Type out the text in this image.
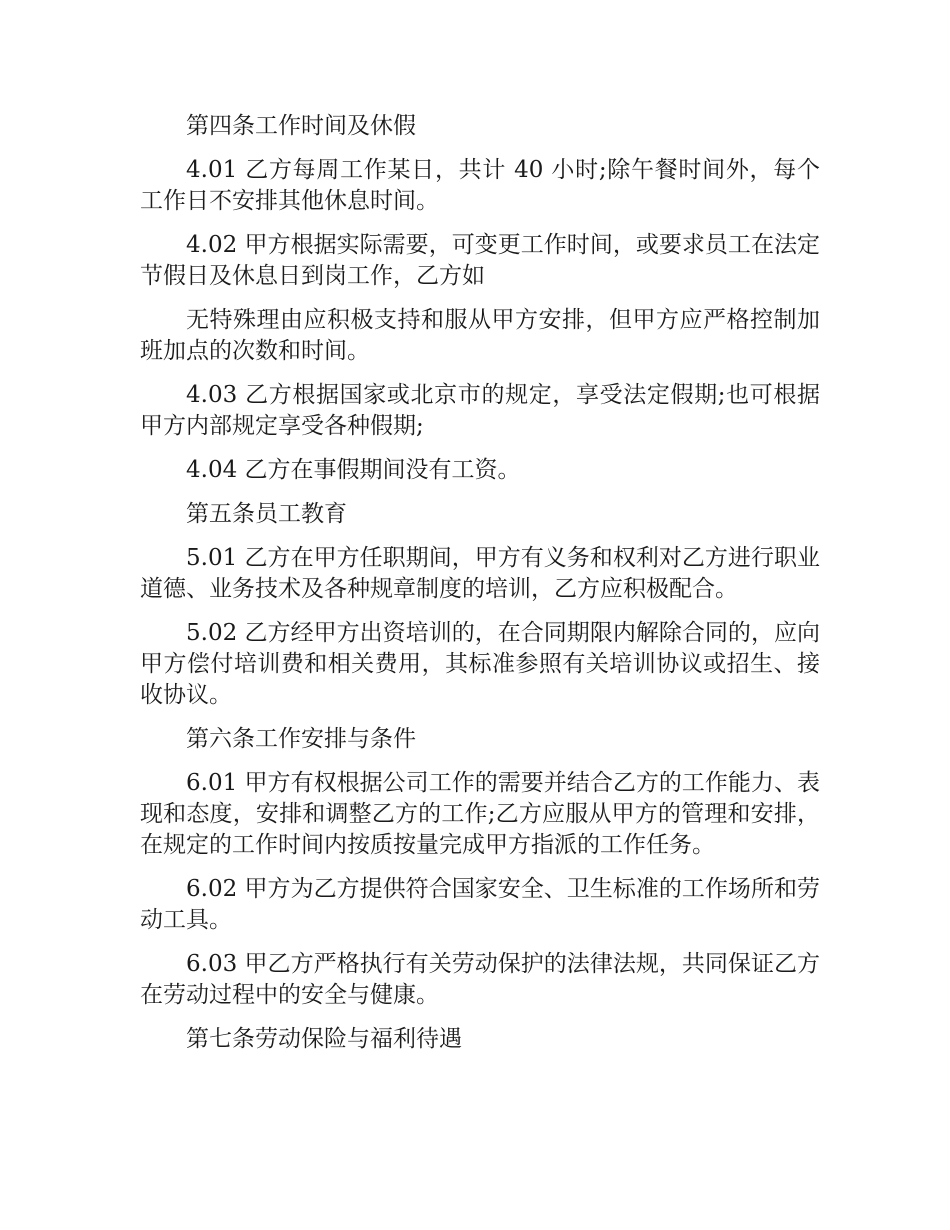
第四条工作时间及休假

4.01 乙方每周工作某日，共计 40 小时;除午餐时间外，每个工作日不安排其他休息时间。

4.02 甲方根据实际需要，可变更工作时间，或要求员工在法定节假日及休息日到岗工作，乙方如

无特殊理由应积极支持和服从甲方安排，但甲方应严格控制加班加点的次数和时间。

4.03 乙方根据国家或北京市的规定，享受法定假期;也可根据甲方内部规定享受各种假期;

4.04 乙方在事假期间没有工资。

第五条员工教育

5.01 乙方在甲方任职期间，甲方有义务和权利对乙方进行职业道德、业务技术及各种规章制度的培训，乙方应积极配合。

5.02 乙方经甲方出资培训的，在合同期限内解除合同的，应向甲方偿付培训费和相关费用，其标准参照有关培训协议或招生、接收协议。

第六条工作安排与条件

6.01 甲方有权根据公司工作的需要并结合乙方的工作能力、表现和态度，安排和调整乙方的工作;乙方应服从甲方的管理和安排，在规定的工作时间内按质按量完成甲方指派的工作任务。

6.02 甲方为乙方提供符合国家安全、卫生标准的工作场所和劳动工具。

6.03 甲乙方严格执行有关劳动保护的法律法规，共同保证乙方在劳动过程中的安全与健康。

第七条劳动保险与福利待遇
